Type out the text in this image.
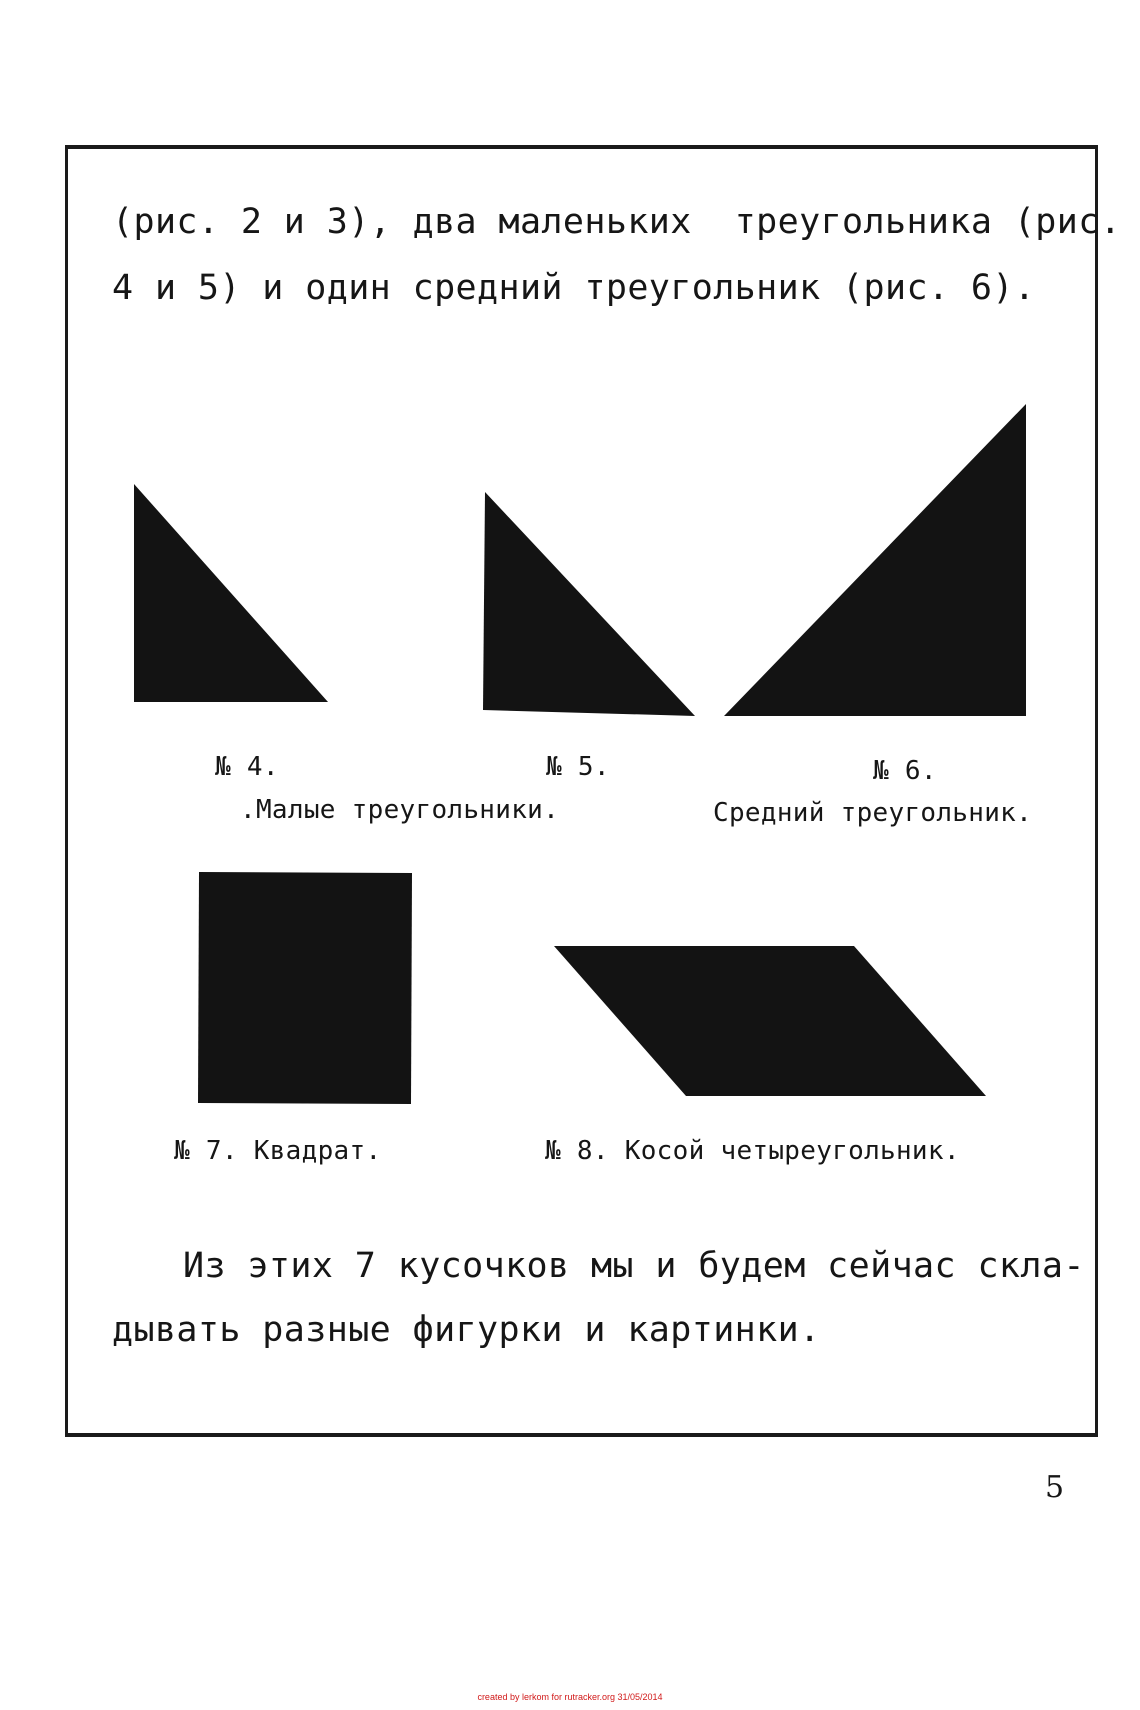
(рис. 2 и 3), два маленьких  треугольника (рис.
4 и 5) и один средний треугольник (рис. 6).
№ 4.	№ 5.	№ 6.
.Малые треугольники.	Средний треугольник.
№ 7. Квадрат.	№ 8. Косой четыреугольник.
Из этих 7 кусочков мы и будем сейчас скла-
дывать разные фигурки и картинки.
5
created by lerkom for rutracker.org 31/05/2014
